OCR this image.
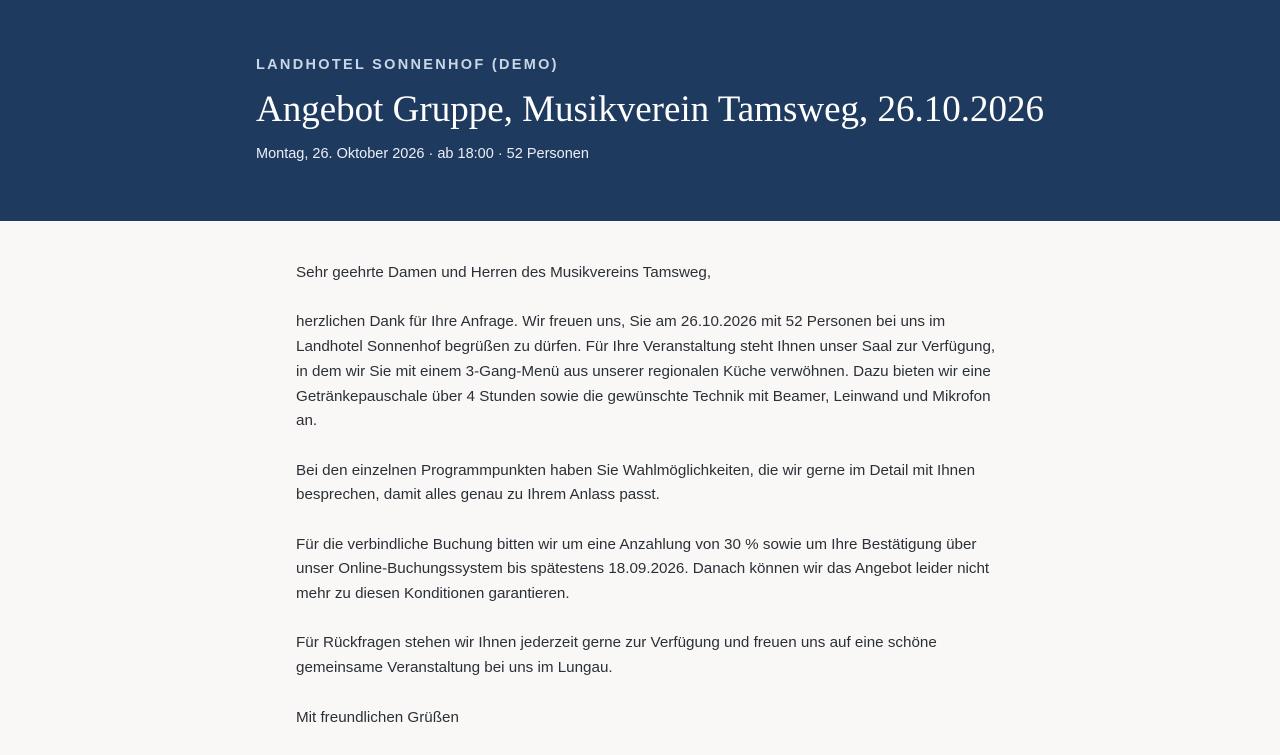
LANDHOTEL SONNENHOF (DEMO)

Angebot Gruppe, Musikverein Tamsweg, 26.10.2026

Montag, 26. Oktober 2026 · ab 18:00 · 52 Personen

Sehr geehrte Damen und Herren des Musikvereins Tamsweg,

herzlichen Dank für Ihre Anfrage. Wir freuen uns, Sie am 26.10.2026 mit 52 Personen bei uns im Landhotel Sonnenhof begrüßen zu dürfen. Für Ihre Veranstaltung steht Ihnen unser Saal zur Verfügung, in dem wir Sie mit einem 3-Gang-Menü aus unserer regionalen Küche verwöhnen. Dazu bieten wir eine Getränkepauschale über 4 Stunden sowie die gewünschte Technik mit Beamer, Leinwand und Mikrofon an.

Bei den einzelnen Programmpunkten haben Sie Wahlmöglichkeiten, die wir gerne im Detail mit Ihnen besprechen, damit alles genau zu Ihrem Anlass passt.

Für die verbindliche Buchung bitten wir um eine Anzahlung von 30 % sowie um Ihre Bestätigung über unser Online-Buchungssystem bis spätestens 18.09.2026. Danach können wir das Angebot leider nicht mehr zu diesen Konditionen garantieren.

Für Rückfragen stehen wir Ihnen jederzeit gerne zur Verfügung und freuen uns auf eine schöne gemeinsame Veranstaltung bei uns im Lungau.

Mit freundlichen Grüßen
